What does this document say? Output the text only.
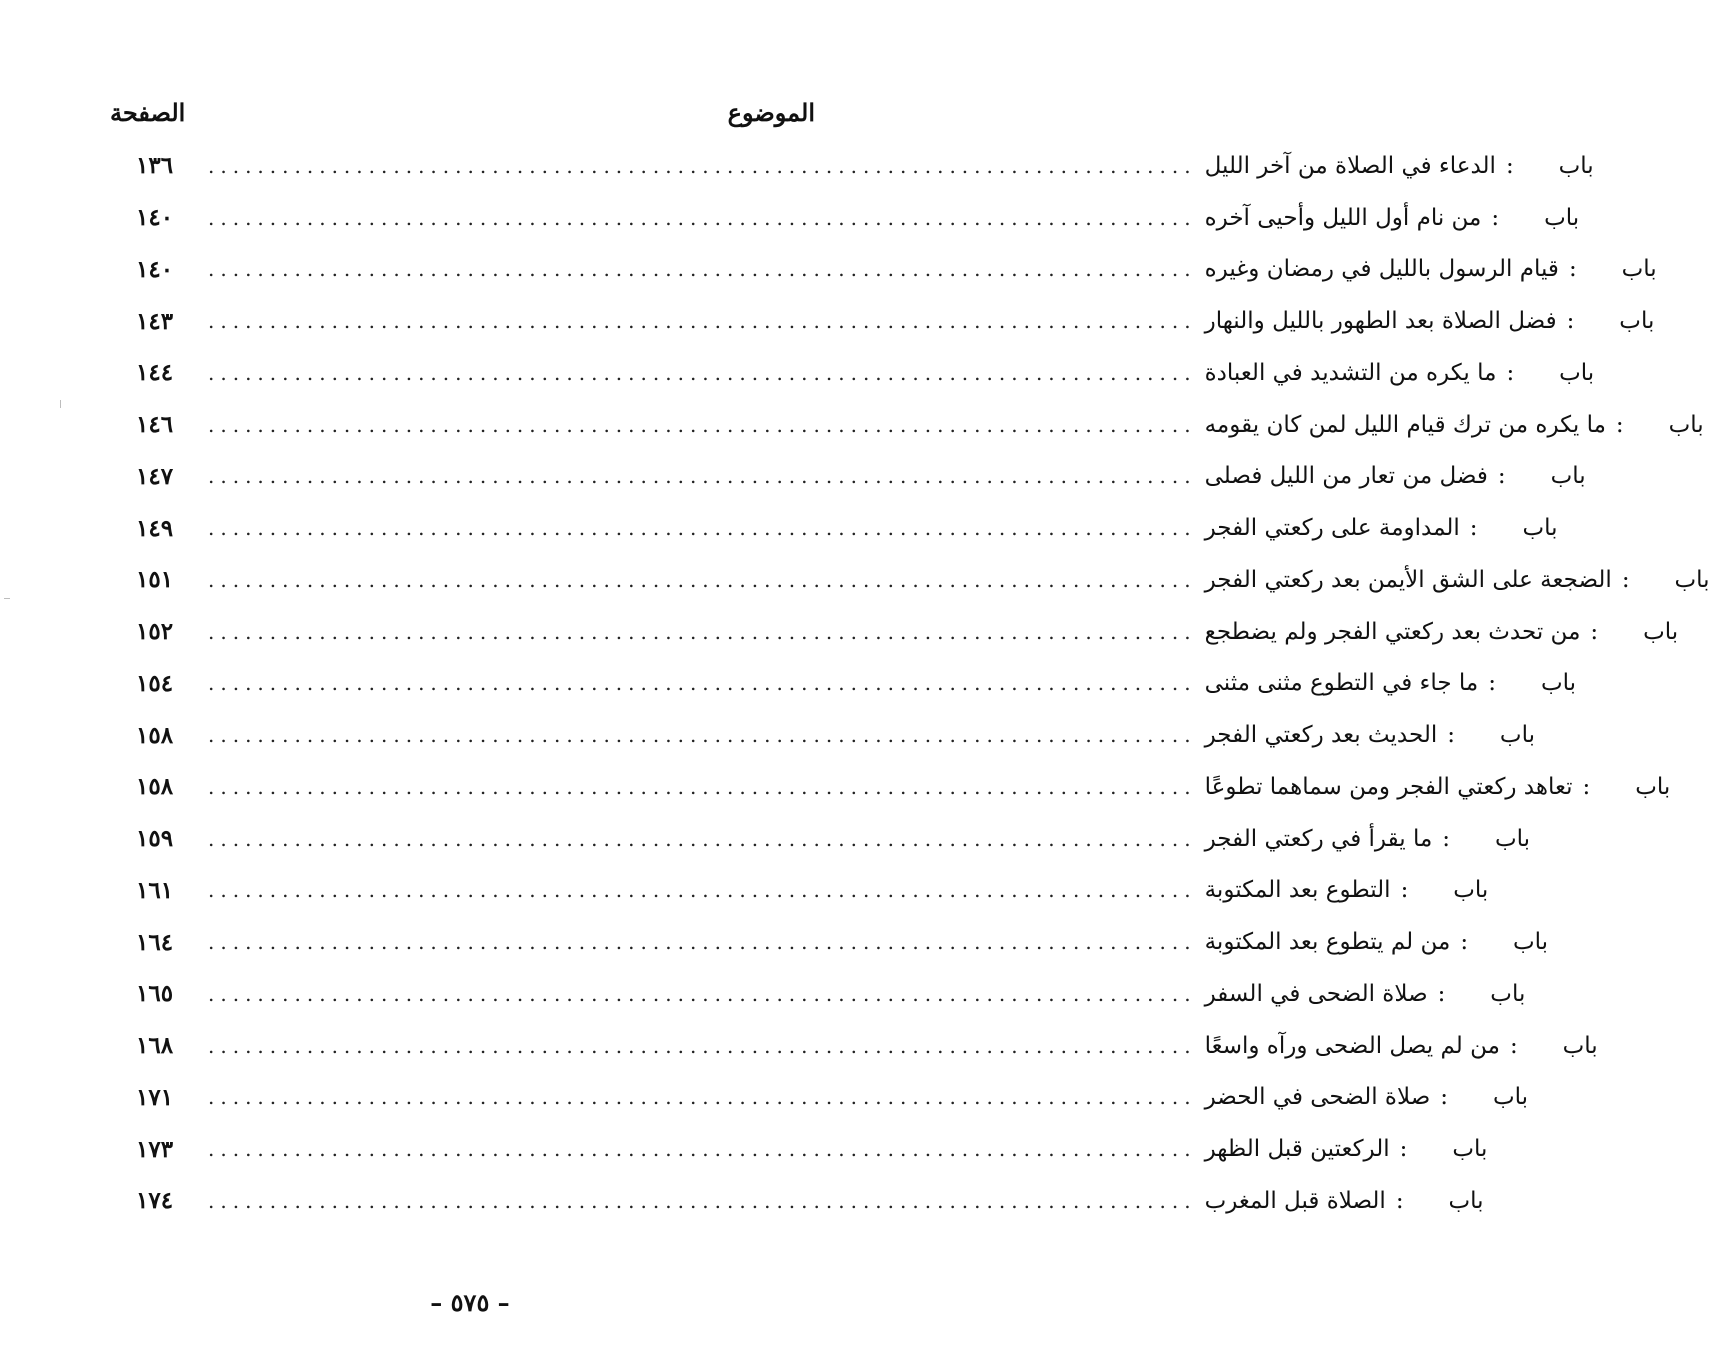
الموضوع
الصفحة
١٣٦	................................................................................ الدعاء في الصلاة من آخر الليل :	باب
١٤٠	................................................................................ من نام أول الليل وأحيى آخره :	باب
١٤٠	................................................................................ قيام الرسول بالليل في رمضان وغيره :	باب
١٤٣	................................................................................ فضل الصلاة بعد الطهور بالليل والنهار :	باب
١٤٤	................................................................................ ما يكره من التشديد في العبادة :	باب
١٤٦	................................................................................ ما يكره من ترك قيام الليل لمن كان يقومه :	باب
١٤٧	................................................................................ فضل من تعار من الليل فصلى :	باب
١٤٩	................................................................................ المداومة على ركعتي الفجر :	باب
١٥١	................................................................................ الضجعة على الشق الأيمن بعد ركعتي الفجر :	باب
١٥٢	................................................................................ من تحدث بعد ركعتي الفجر ولم يضطجع :	باب
١٥٤	................................................................................ ما جاء في التطوع مثنى مثنى :	باب
١٥٨	................................................................................ الحديث بعد ركعتي الفجر :	باب
١٥٨	................................................................................ تعاهد ركعتي الفجر ومن سماهما تطوعًا :	باب
١٥٩	................................................................................ ما يقرأ في ركعتي الفجر :	باب
١٦١	................................................................................ التطوع بعد المكتوبة :	باب
١٦٤	................................................................................ من لم يتطوع بعد المكتوبة :	باب
١٦٥	................................................................................ صلاة الضحى في السفر :	باب
١٦٨	................................................................................ من لم يصل الضحى ورآه واسعًا :	باب
١٧١	................................................................................ صلاة الضحى في الحضر :	باب
١٧٣	................................................................................ الركعتين قبل الظهر :	باب
١٧٤	................................................................................ الصلاة قبل المغرب :	باب
– ٥٧٥ –
